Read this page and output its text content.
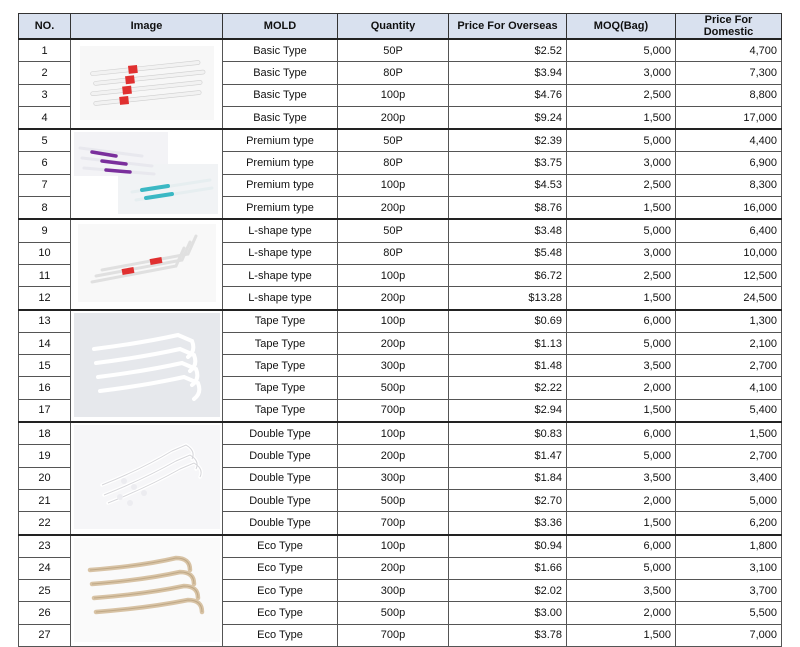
NO.	Image	MOLD	Quantity	Price For Overseas	MOQ(Bag)	Price For Domestic
1		Basic Type	50P	$2.52	5,000	4,700
2		Basic Type	80P	$3.94	3,000	7,300
3		Basic Type	100p	$4.76	2,500	8,800
4		Basic Type	200p	$9.24	1,500	17,000
5		Premium type	50P	$2.39	5,000	4,400
6		Premium type	80P	$3.75	3,000	6,900
7		Premium type	100p	$4.53	2,500	8,300
8		Premium type	200p	$8.76	1,500	16,000
9		L-shape type	50P	$3.48	5,000	6,400
10		L-shape type	80P	$5.48	3,000	10,000
11		L-shape type	100p	$6.72	2,500	12,500
12		L-shape type	200p	$13.28	1,500	24,500
13		Tape Type	100p	$0.69	6,000	1,300
14		Tape Type	200p	$1.13	5,000	2,100
15		Tape Type	300p	$1.48	3,500	2,700
16		Tape Type	500p	$2.22	2,000	4,100
17		Tape Type	700p	$2.94	1,500	5,400
18		Double Type	100p	$0.83	6,000	1,500
19		Double Type	200p	$1.47	5,000	2,700
20		Double Type	300p	$1.84	3,500	3,400
21		Double Type	500p	$2.70	2,000	5,000
22		Double Type	700p	$3.36	1,500	6,200
23		Eco Type	100p	$0.94	6,000	1,800
24		Eco Type	200p	$1.66	5,000	3,100
25		Eco Type	300p	$2.02	3,500	3,700
26		Eco Type	500p	$3.00	2,000	5,500
27		Eco Type	700p	$3.78	1,500	7,000
